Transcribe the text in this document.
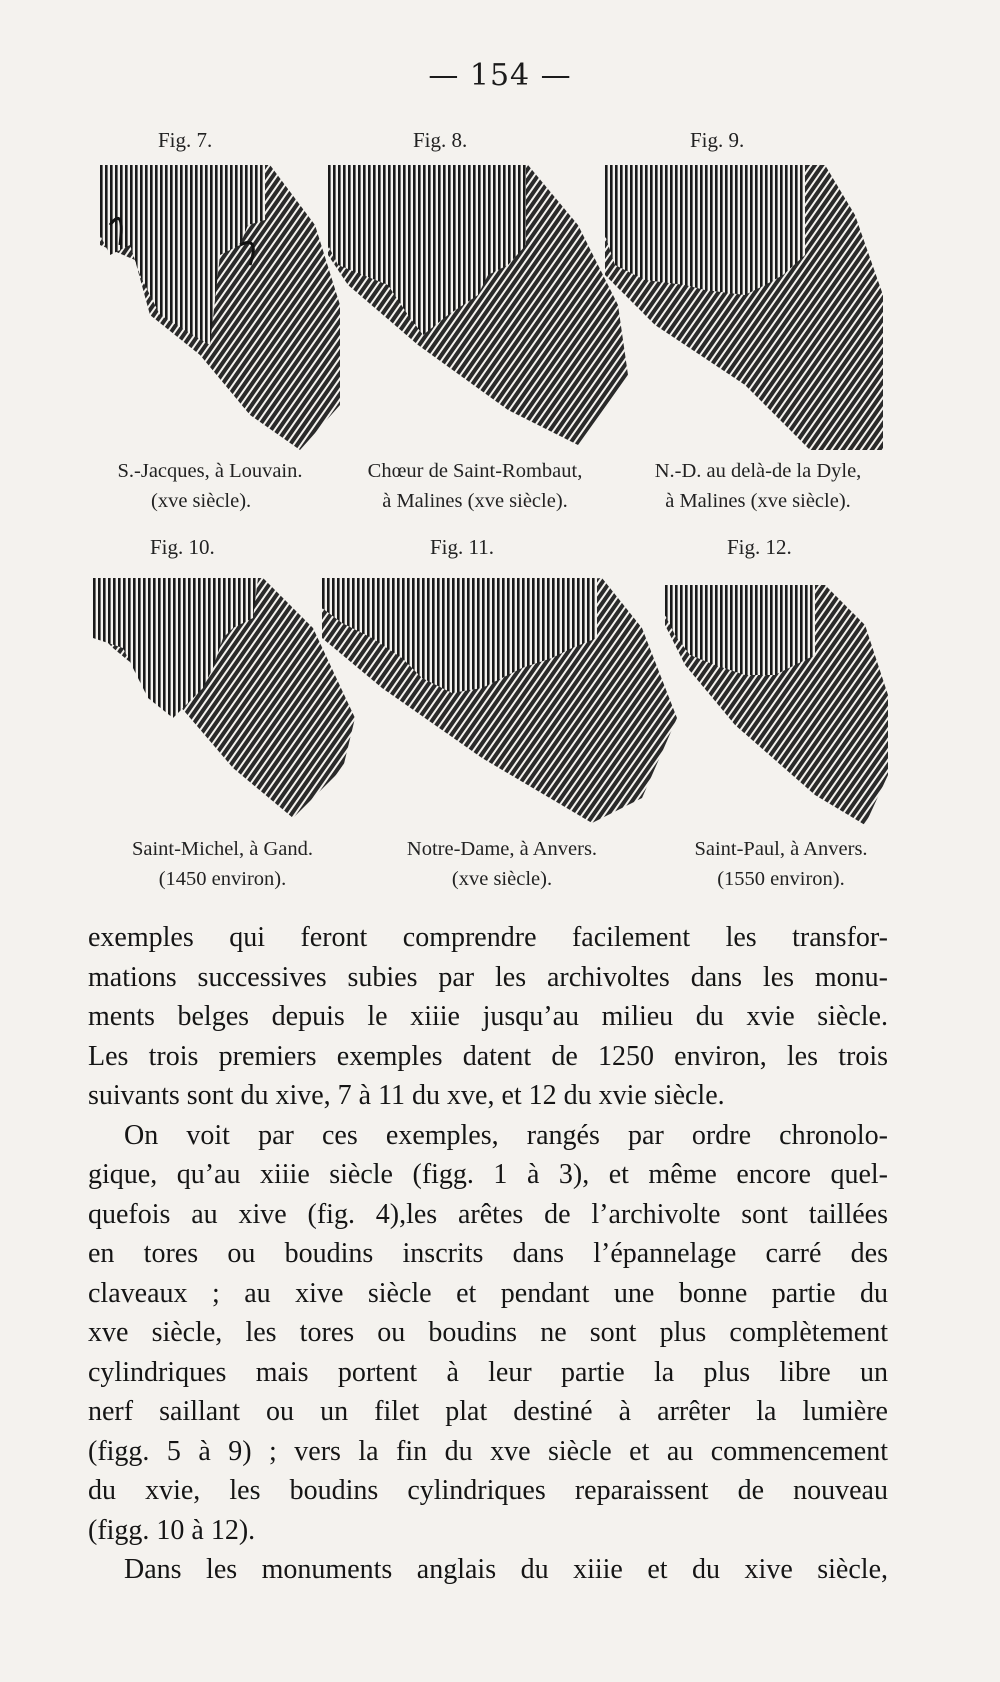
— 154 —
Fig. 7.	Fig. 8.	Fig. 9.
S.-Jacques, à Louvain.
(xve siècle).
Chœur de Saint-Rombaut,
à Malines (xve siècle).
N.-D. au delà-de la Dyle,
à Malines (xve siècle).
Fig. 10.	Fig. 11.	Fig. 12.
Saint-Michel, à Gand.
(1450 environ).
Notre-Dame, à Anvers.
(xve siècle).
Saint-Paul, à Anvers.
(1550 environ).
exemples qui feront comprendre facilement les transfor-
mations successives subies par les archivoltes dans les monu-
ments belges depuis le xiiie jusqu’au milieu du xvie siècle.
Les trois premiers exemples datent de 1250 environ, les trois
suivants sont du xive, 7 à 11 du xve, et 12 du xvie siècle.
On voit par ces exemples, rangés par ordre chronolo-
gique, qu’au xiiie siècle (figg. 1 à 3), et même encore quel-
quefois au xive (fig. 4),les arêtes de l’archivolte sont taillées
en tores ou boudins inscrits dans l’épannelage carré des
claveaux ; au xive siècle et pendant une bonne partie du
xve siècle, les tores ou boudins ne sont plus complètement
cylindriques mais portent à leur partie la plus libre un
nerf saillant ou un filet plat destiné à arrêter la lumière
(figg. 5 à 9) ; vers la fin du xve siècle et au commencement
du xvie, les boudins cylindriques reparaissent de nouveau
(figg. 10 à 12).
Dans les monuments anglais du xiiie et du xive siècle,
